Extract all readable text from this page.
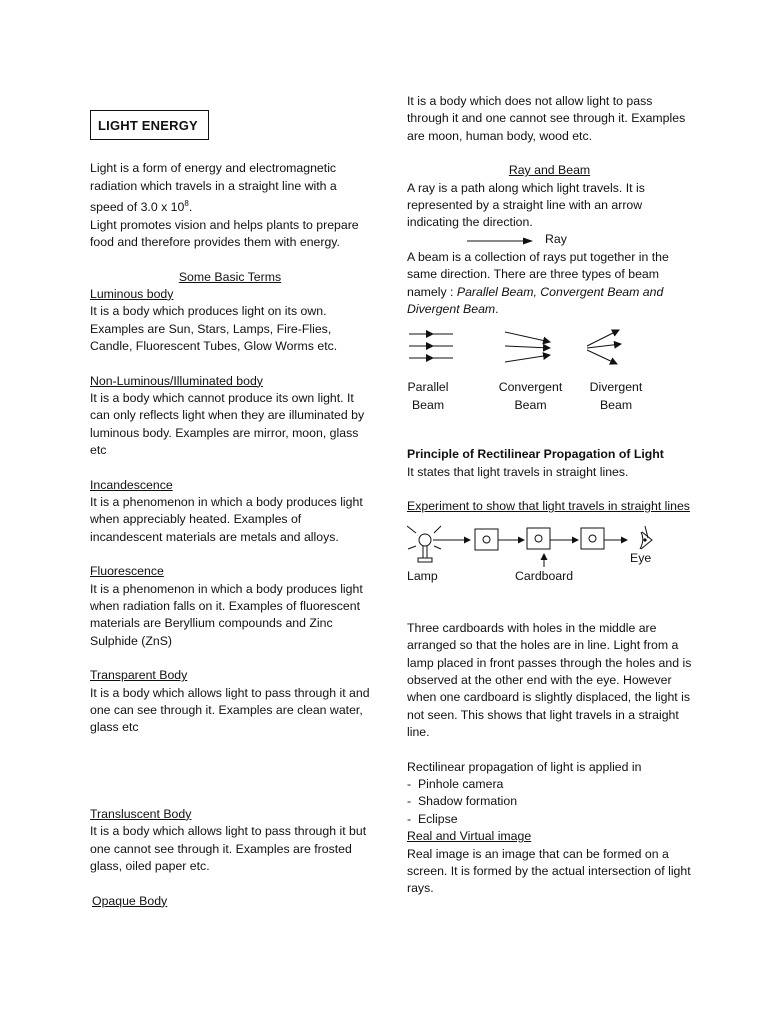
LIGHT ENERGY

Light is a form of energy and electromagnetic radiation which travels in a straight line with a speed of 3.0 x $10^8$.

Light promotes vision and helps plants to prepare food and therefore provides them with energy.

Some Basic Terms

Luminous body

It is a body which produces light on its own. Examples are Sun, Stars, Lamps, Fire-Flies, Candle, Fluorescent Tubes, Glow Worms etc.

Non-Luminous/Illuminated body

It is a body which cannot produce its own light. It can only reflects light when they are illuminated by luminous body. Examples are mirror, moon, glass etc

Incandescence

It is a phenomenon in which a body produces light when appreciably heated. Examples of incandescent materials are metals and alloys.

Fluorescence

It is a phenomenon in which a body produces light when radiation falls on it. Examples of fluorescent materials are Beryllium compounds and Zinc Sulphide (ZnS)

Transparent Body

It is a body which allows light to pass through it and one can see through it. Examples are clean water, glass etc

Transluscent Body

It is a body which allows light to pass through it but one cannot see through it. Examples are frosted glass, oiled paper etc.

Opaque Body

It is a body which does not allow light to pass through it and one cannot see through it. Examples are moon, human body, wood etc.

Ray and Beam

A ray is a path along which light travels. It is represented by a straight line with an arrow indicating the direction.

Ray

A beam is a collection of rays put together in the same direction. There are three types of beam namely : Parallel Beam, Convergent Beam and Divergent Beam.

Parallel
Beam
Convergent
Beam
Divergent
Beam

Principle of Rectilinear Propagation of Light

It states that light travels in straight lines.

Experiment to show that light travels in straight lines

Eye
Lamp	Cardboard

Three cardboards with holes in the middle are arranged so that the holes are in line. Light from a lamp placed in front passes through the holes and is observed at the other end with the eye. However when one cardboard is slightly displaced, the light is not seen. This shows that light travels in a straight line.

Rectilinear propagation of light is applied in

- Pinhole camera
- Shadow formation
- Eclipse

Real and Virtual image

Real image is an image that can be formed on a screen. It is formed by the actual intersection of light rays.
